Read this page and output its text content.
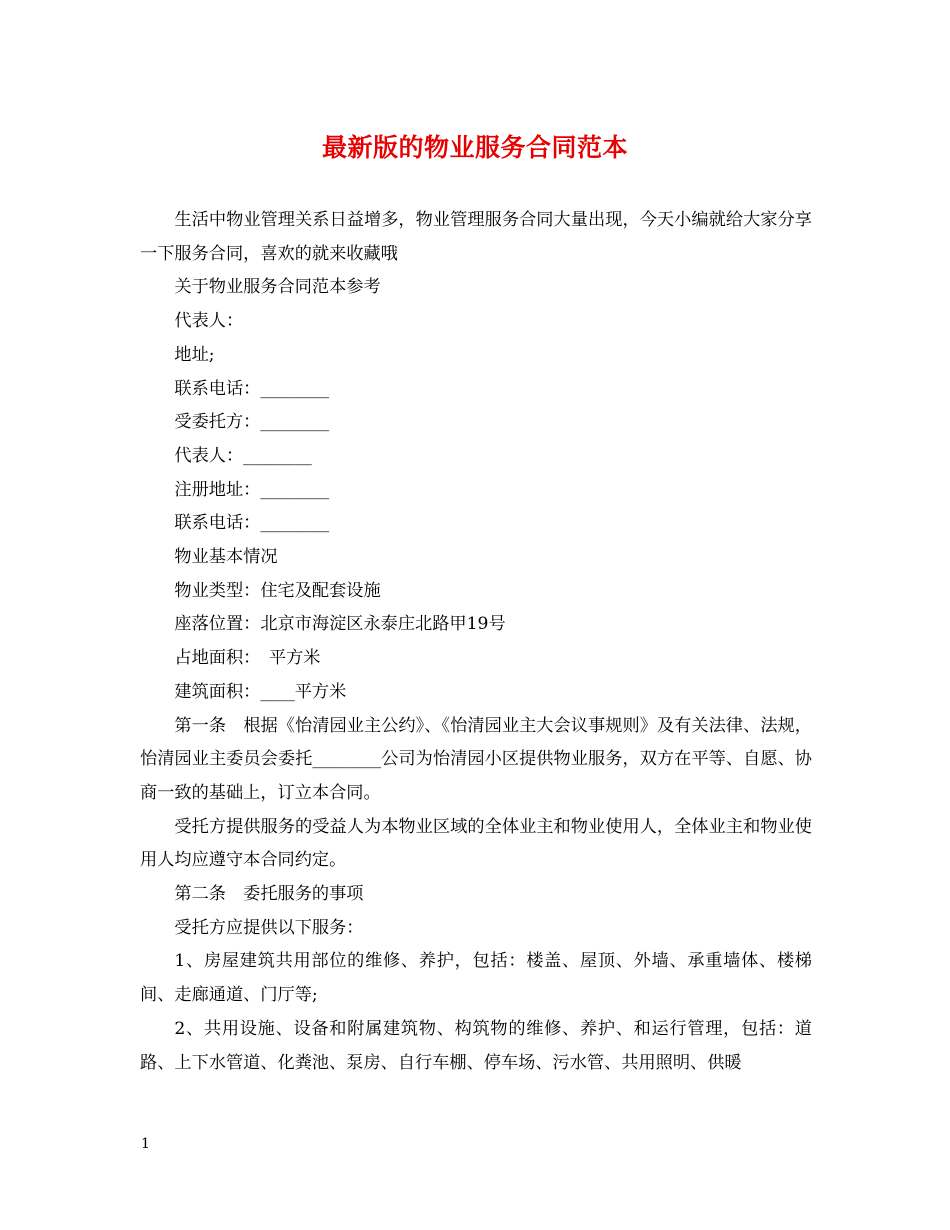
最新版的物业服务合同范本

生活中物业管理关系日益增多，物业管理服务合同大量出现，今天小编就给大家分享一下服务合同，喜欢的就来收藏哦

关于物业服务合同范本参考

代表人：

地址;

联系电话：________

受委托方：________

代表人：________

注册地址：________

联系电话：________

物业基本情况

物业类型：住宅及配套设施

座落位置：北京市海淀区永泰庄北路甲19号

占地面积：　平方米

建筑面积：____平方米

第一条　根据《怡清园业主公约》、《怡清园业主大会议事规则》及有关法律、法规，怡清园业主委员会委托________公司为怡清园小区提供物业服务，双方在平等、自愿、协商一致的基础上，订立本合同。

受托方提供服务的受益人为本物业区域的全体业主和物业使用人，全体业主和物业使用人均应遵守本合同约定。

第二条　委托服务的事项

受托方应提供以下服务：

1、房屋建筑共用部位的维修、养护，包括：楼盖、屋顶、外墙、承重墙体、楼梯间、走廊通道、门厅等;

2、共用设施、设备和附属建筑物、构筑物的维修、养护、和运行管理，包括：道路、上下水管道、化粪池、泵房、自行车棚、停车场、污水管、共用照明、供暖

1
